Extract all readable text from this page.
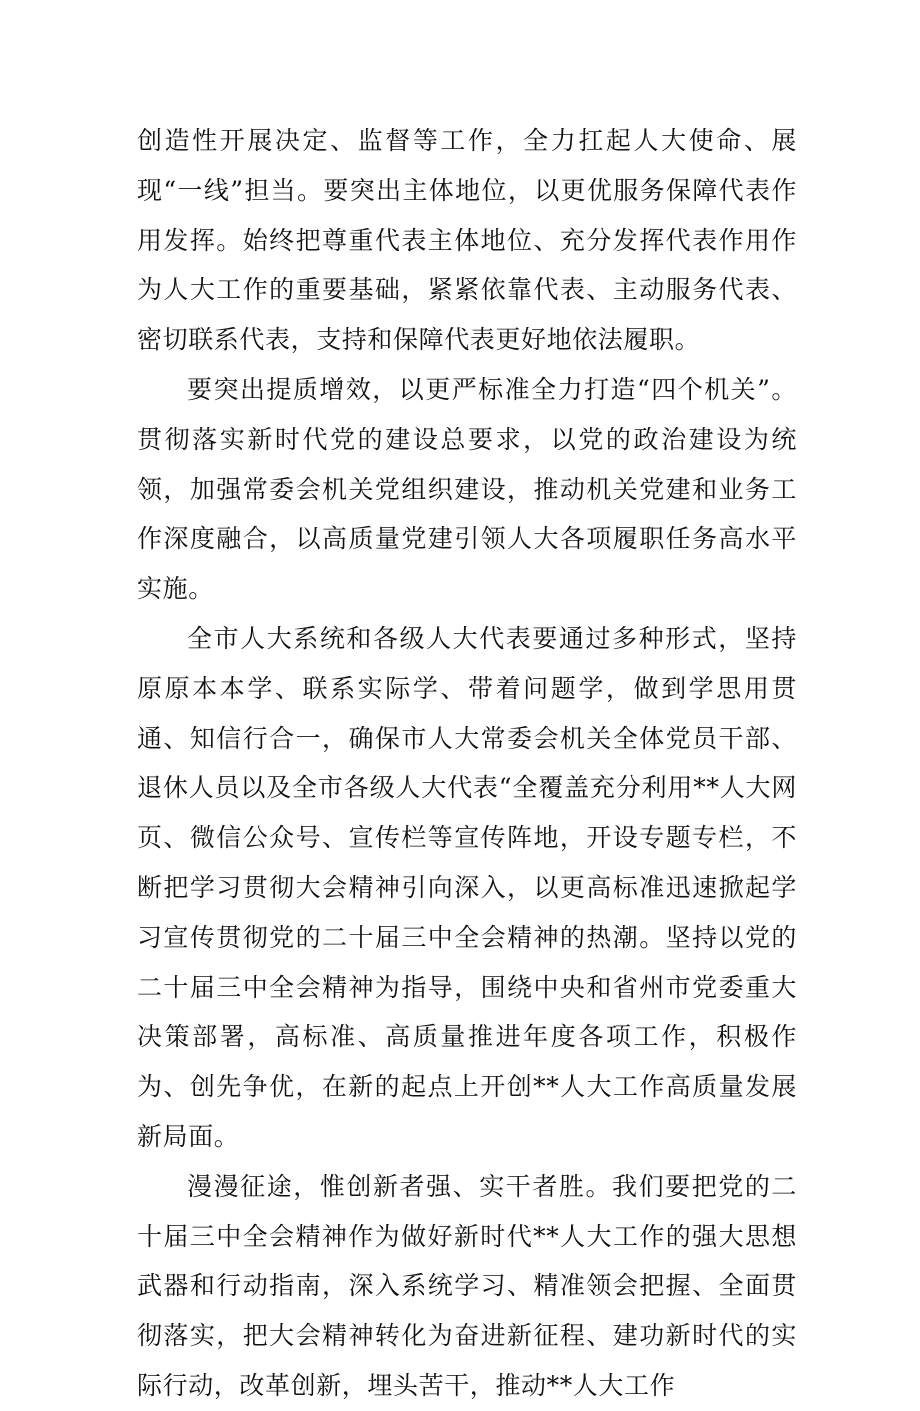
创造性开展决定、监督等工作，全力扛起人大使命、展现“一线”担当。要突出主体地位，以更优服务保障代表作用发挥。始终把尊重代表主体地位、充分发挥代表作用作为人大工作的重要基础，紧紧依靠代表、主动服务代表、密切联系代表，支持和保障代表更好地依法履职。

要突出提质增效，以更严标准全力打造“四个机关”。贯彻落实新时代党的建设总要求，以党的政治建设为统领，加强常委会机关党组织建设，推动机关党建和业务工作深度融合，以高质量党建引领人大各项履职任务高水平实施。

全市人大系统和各级人大代表要通过多种形式，坚持原原本本学、联系实际学、带着问题学，做到学思用贯通、知信行合一，确保市人大常委会机关全体党员干部、退休人员以及全市各级人大代表“全覆盖充分利用**人大网页、微信公众号、宣传栏等宣传阵地，开设专题专栏，不断把学习贯彻大会精神引向深入，以更高标准迅速掀起学习宣传贯彻党的二十届三中全会精神的热潮。坚持以党的二十届三中全会精神为指导，围绕中央和省州市党委重大决策部署，高标准、高质量推进年度各项工作，积极作为、创先争优，在新的起点上开创**人大工作高质量发展新局面。

漫漫征途，惟创新者强、实干者胜。我们要把党的二十届三中全会精神作为做好新时代**人大工作的强大思想武器和行动指南，深入系统学习、精准领会把握、全面贯彻落实，把大会精神转化为奋进新征程、建功新时代的实际行动，改革创新，埋头苦干，推动**人大工作
